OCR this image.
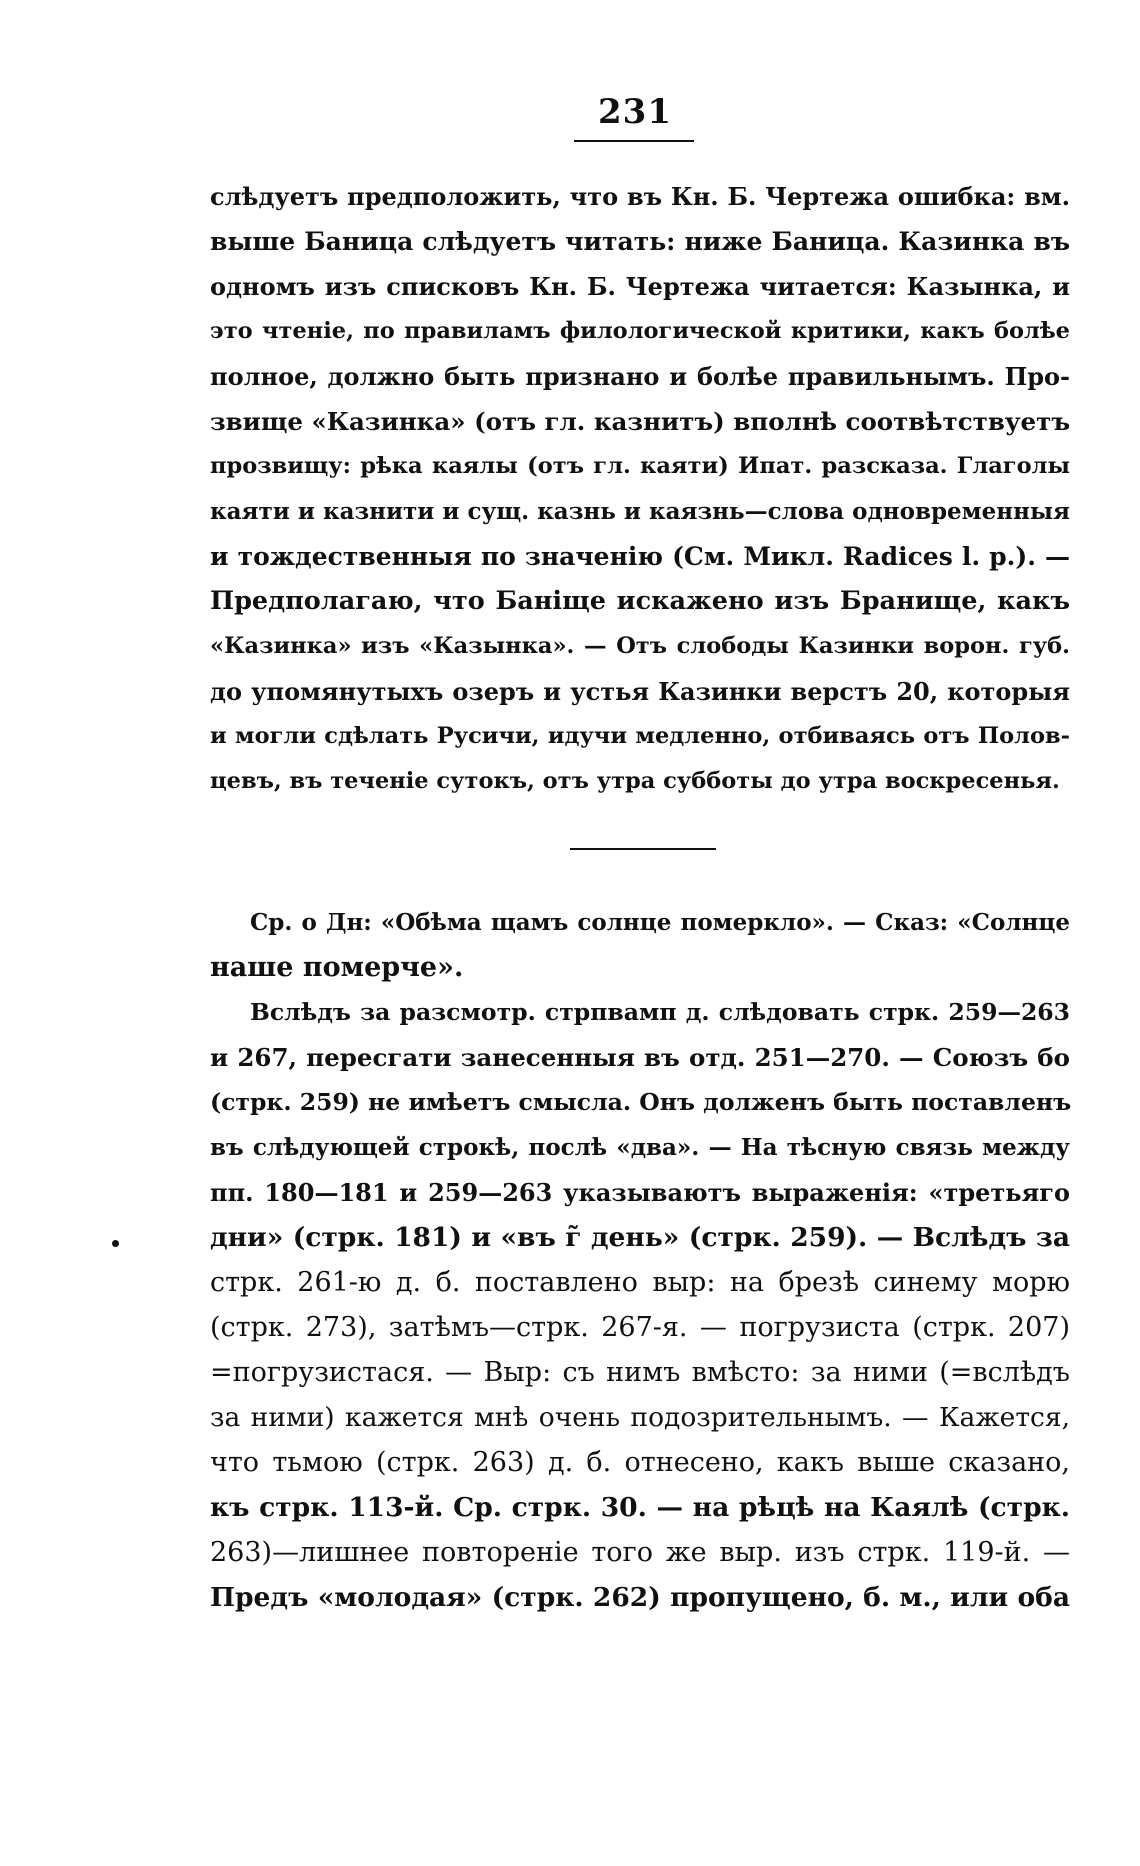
231
слѣдуетъ предположить, что въ Кн. Б. Чертежа ошибка: вм.
выше Баница слѣдуетъ читать: ниже Баница. Казинка въ
одномъ изъ списковъ Кн. Б. Чертежа читается: Казынка, и
это чтеніе, по правиламъ филологической критики, какъ болѣе
полное, должно быть признано и болѣе правильнымъ. Про-
звище «Казинка» (отъ гл. казнитъ) вполнѣ соотвѣтствуетъ
прозвищу: рѣка каялы (отъ гл. каяти) Ипат. разсказа. Глаголы
каяти и казнити и сущ. казнь и каязнь—слова одновременныя
и тождественныя по значенію (См. Микл. Radices l. p.). —
Предполагаю, что Баніще искажено изъ Бранище, какъ
«Казинка» изъ «Казынка». — Отъ слободы Казинки ворон. губ.
до упомянутыхъ озеръ и устья Казинки верстъ 20, которыя
и могли сдѣлать Русичи, идучи медленно, отбиваясь отъ Полов-
цевъ, въ теченіе сутокъ, отъ утра субботы до утра воскресенья.
Ср. о Дн: «Обѣма щамъ солнце померкло». — Сказ: «Солнце
наше померче».
Вслѣдъ за разсмотр. стрпвамп д. слѣдовать стрк. 259—263
и 267, пересгати занесенныя въ отд. 251—270. — Союзъ бо
(стрк. 259) не имѣетъ смысла. Онъ долженъ быть поставленъ
въ слѣдующей строкѣ, послѣ «два». — На тѣсную связь между
пп. 180—181 и 259—263 указываютъ выраженія: «третьяго
дни» (стрк. 181) и «въ г̃ день» (стрк. 259). — Вслѣдъ за
стрк. 261-ю д. б. поставлено выр: на брезѣ синему морю
(стрк. 273), затѣмъ—стрк. 267-я. — погрузиста (стрк. 207)
=погрузистася. — Выр: съ нимъ вмѣсто: за ними (=вслѣдъ
за ними) кажется мнѣ очень подозрительнымъ. — Кажется,
что тьмою (стрк. 263) д. б. отнесено, какъ выше сказано,
къ стрк. 113-й. Ср. стрк. 30. — на рѣцѣ на Каялѣ (стрк.
263)—лишнее повтореніе того же выр. изъ стрк. 119-й. —
Предъ «молодая» (стрк. 262) пропущено, б. м., или оба
